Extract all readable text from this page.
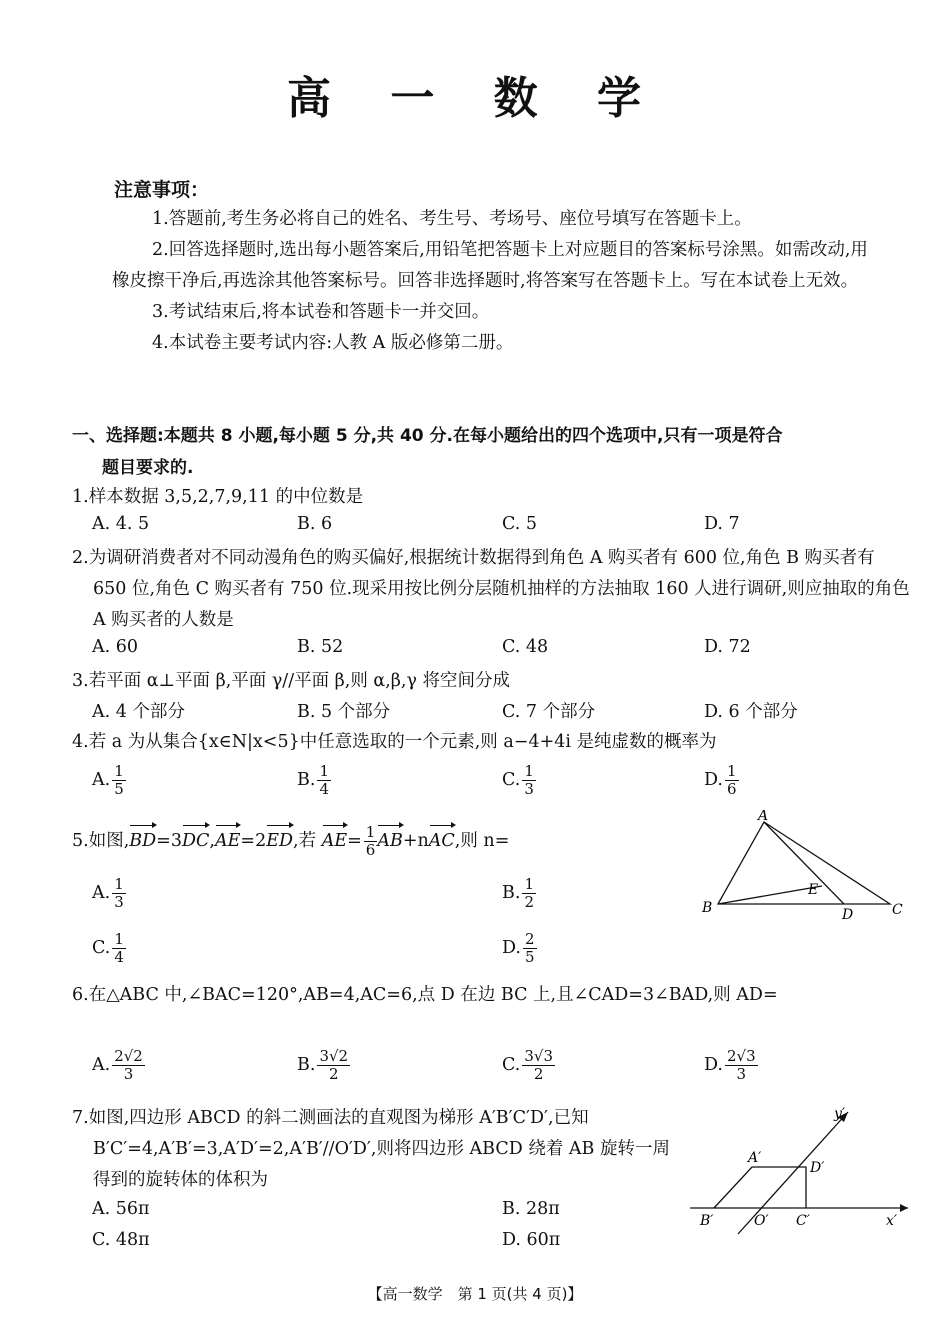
高 一 数 学
注意事项：

1.答题前,考生务必将自己的姓名、考生号、考场号、座位号填写在答题卡上。

2.回答选择题时,选出每小题答案后,用铅笔把答题卡上对应题目的答案标号涂黑。如需改动,用橡皮擦干净后,再选涂其他答案标号。回答非选择题时,将答案写在答题卡上。写在本试卷上无效。

3.考试结束后,将本试卷和答题卡一并交回。

4.本试卷主要考试内容:人教 A 版必修第二册。

一、选择题:本题共 8 小题,每小题 5 分,共 40 分.在每小题给出的四个选项中,只有一项是符合
题目要求的.

1.样本数据 3,5,2,7,9,11 的中位数是

A. 4. 5	B. 6	C. 5	D. 7

2.为调研消费者对不同动漫角色的购买偏好,根据统计数据得到角色 A 购买者有 600 位,角色 B 购买者有 650 位,角色 C 购买者有 750 位.现采用按比例分层随机抽样的方法抽取 160 人进行调研,则应抽取的角色 A 购买者的人数是

A. 60	B. 52	C. 48	D. 72

3.若平面 α⊥平面 β,平面 γ//平面 β,则 α,β,γ 将空间分成

A. 4 个部分	B. 5 个部分	C. 7 个部分	D. 6 个部分

4.若 a 为从集合{x∈N|x<5}中任意选取的一个元素,则 a−4+4i 是纯虚数的概率为

A. $\frac{1}{5}$	B. $\frac{1}{4}$	C. $\frac{1}{3}$	D. $\frac{1}{6}$

5.如图,BD=3DC,AE=2ED,若 $AE= \frac{1}{6} AB+nAC$,则 n=

A. $\frac{1}{3}$	B. $\frac{1}{2}$
C. $\frac{1}{4}$	D. $\frac{2}{5}$
A
B	C
D
E

6.在△ABC 中,∠BAC=120°,AB=4,AC=6,点 D 在边 BC 上,且∠CAD=3∠BAD,则 AD=

A. $\frac{2√2}{3}$	B. $\frac{3√2}{2}$	C. $\frac{3√3}{2}$	D. $\frac{2√3}{3}$

7.如图,四边形 ABCD 的斜二测画法的直观图为梯形 A′B′C′D′,已知 B′C′=4,A′B′=3,A′D′=2,A′B′//O′D′,则将四边形 ABCD 绕着 AB 旋转一周得到的旋转体的体积为

A. 56π	B. 28π
C. 48π	D. 60π
y′
x′
A′
B′	C′
D′
O′
【高一数学　第 1 页(共 4 页)】
